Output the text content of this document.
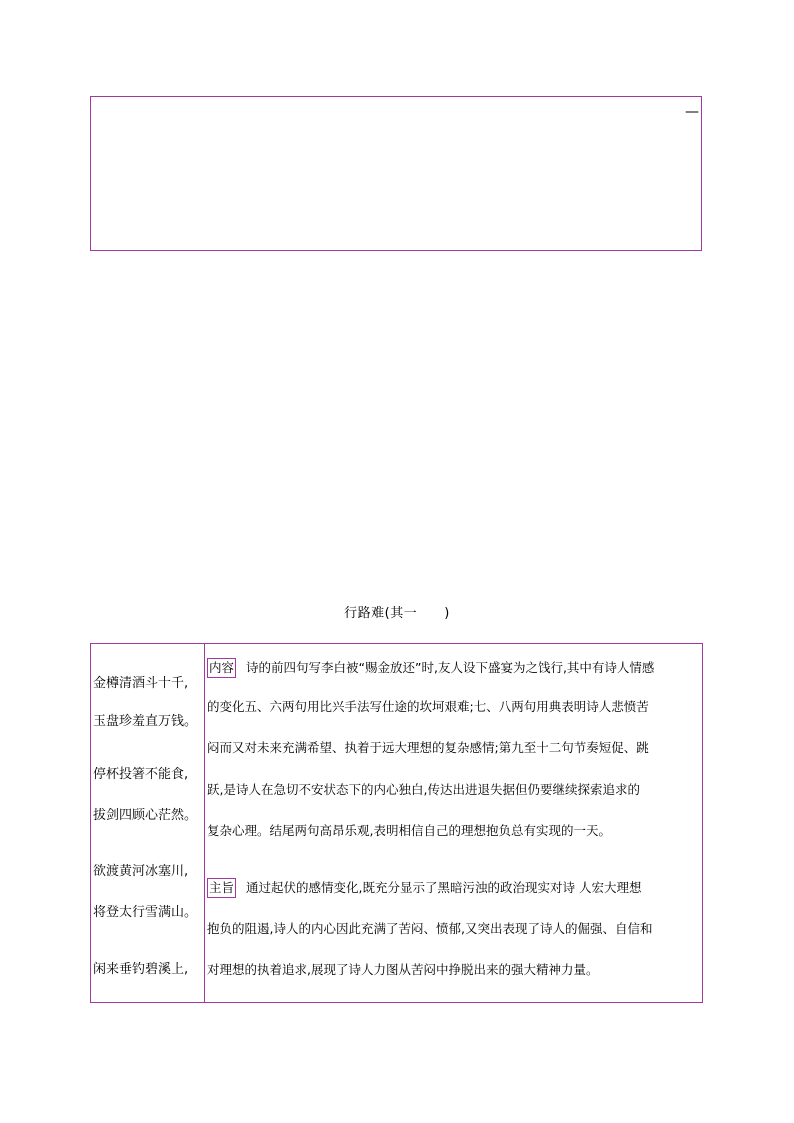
—
行路难(其一　　)
金樽清酒斗十千,
玉盘珍羞直万钱。
停杯投箸不能食,
拔剑四顾心茫然。
欲渡黄河冰塞川,
将登太行雪满山。
闲来垂钓碧溪上,
内容 诗的前四句写李白被“赐金放还”时,友人设下盛宴为之饯行,其中有诗人情感
的变化五、六两句用比兴手法写仕途的坎坷艰难;七、八两句用典表明诗人悲愤苦
闷而又对未来充满希望、执着于远大理想的复杂感情;第九至十二句节奏短促、跳
跃,是诗人在急切不安状态下的内心独白,传达出进退失据但仍要继续探索追求的
复杂心理。结尾两句高昂乐观,表明相信自己的理想抱负总有实现的一天。
主旨 通过起伏的感情变化,既充分显示了黑暗污浊的政治现实对诗 人宏大理想
抱负的阻遏,诗人的内心因此充满了苦闷、愤郁,又突出表现了诗人的倔强、自信和
对理想的执着追求,展现了诗人力图从苦闷中挣脱出来的强大精神力量。
